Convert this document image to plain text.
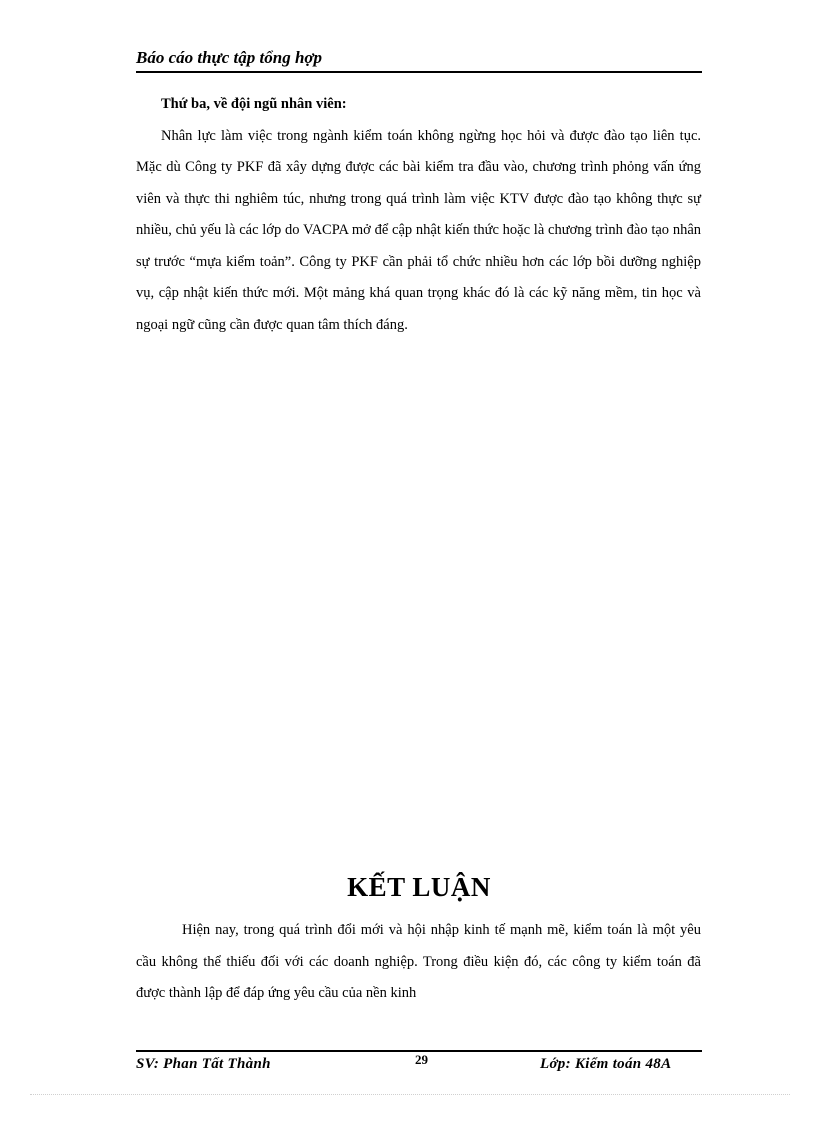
Báo cáo thực tập tổng hợp
Thứ ba, về đội ngũ nhân viên:

Nhân lực làm việc trong ngành kiểm toán không ngừng học hỏi và được đào tạo liên tục. Mặc dù Công ty PKF đã xây dựng được các bài kiểm tra đầu vào, chương trình phỏng vấn ứng viên và thực thi nghiêm túc, nhưng trong quá trình làm việc KTV được đào tạo không thực sự nhiều, chủ yếu là các lớp do VACPA mở để cập nhật kiến thức hoặc là chương trình đào tạo nhân sự trước “mựa kiểm toản”. Công ty PKF cần phải tổ chức nhiều hơn các lớp bồi dưỡng nghiệp vụ, cập nhật kiến thức mới. Một mảng khá quan trọng khác đó là các kỹ năng mềm, tin học và ngoại ngữ cũng cần được quan tâm thích đáng.

KẾT LUẬN

Hiện nay, trong quá trình đổi mới và hội nhập kinh tế mạnh mẽ, kiểm toán là một yêu cầu không thể thiếu đối với các doanh nghiệp. Trong điều kiện đó, các công ty kiểm toán đã được thành lập để đáp ứng yêu cầu của nền kinh

SV: Phan Tất Thành	29	Lớp: Kiểm toán 48A
